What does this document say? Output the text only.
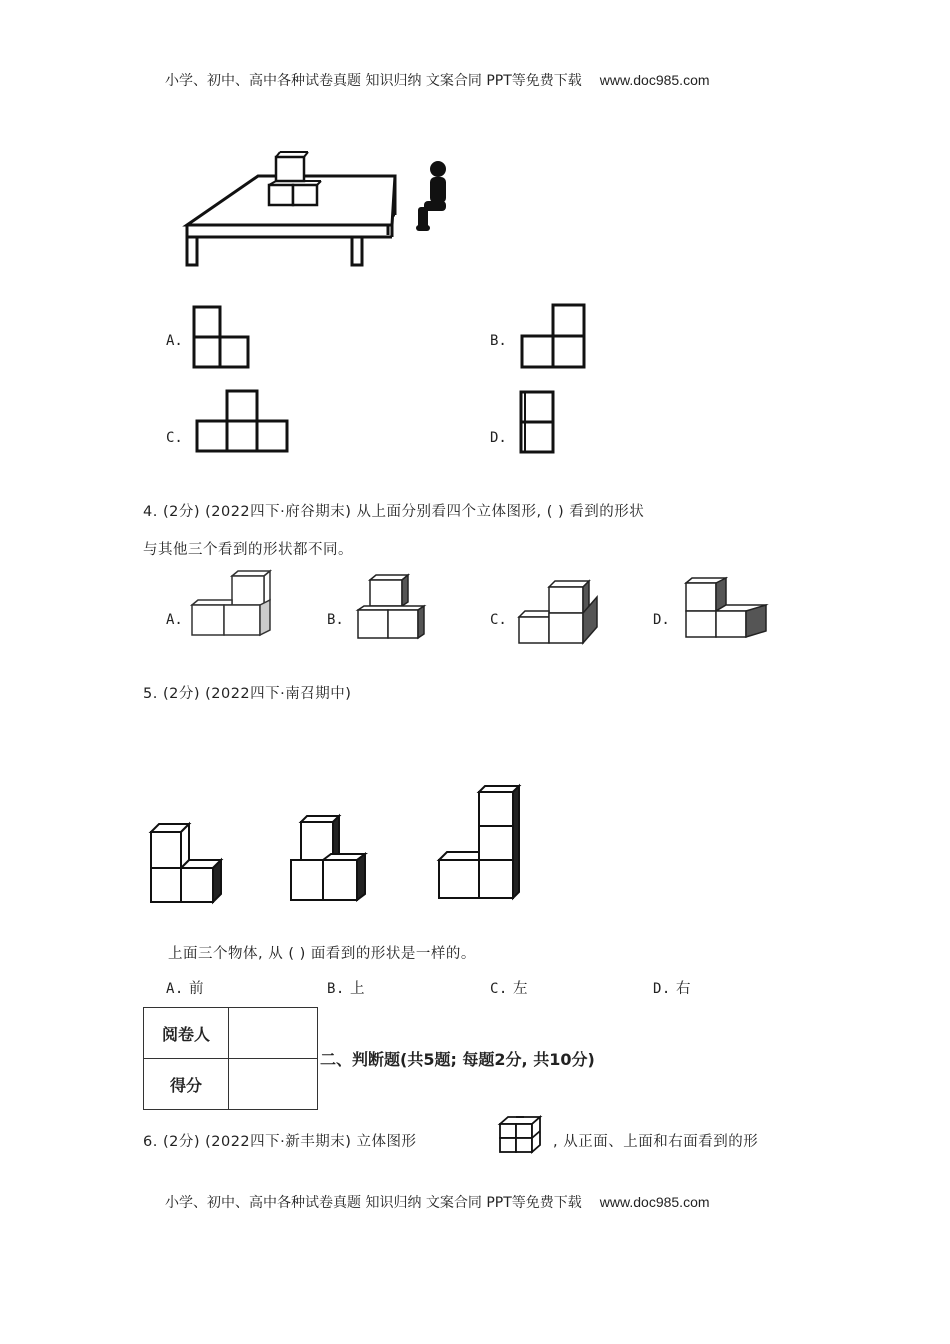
小学、初中、高中各种试卷真题 知识归纳 文案合同 PPT等免费下载 www.doc985.com
A.	B.
C.	D.
4. (2分) (2022四下·府谷期末) 从上面分别看四个立体图形, ( ) 看到的形状
与其他三个看到的形状都不同。
A.	B.	C.	D.
5. (2分) (2022四下·南召期中)
上面三个物体, 从 ( ) 面看到的形状是一样的。
A. 前	B. 上	C. 左	D. 右
阅卷人	
得分	
二、判断题(共5题; 每题2分, 共10分)
6. (2分) (2022四下·新丰期末) 立体图形	, 从正面、上面和右面看到的形
小学、初中、高中各种试卷真题 知识归纳 文案合同 PPT等免费下载 www.doc985.com
